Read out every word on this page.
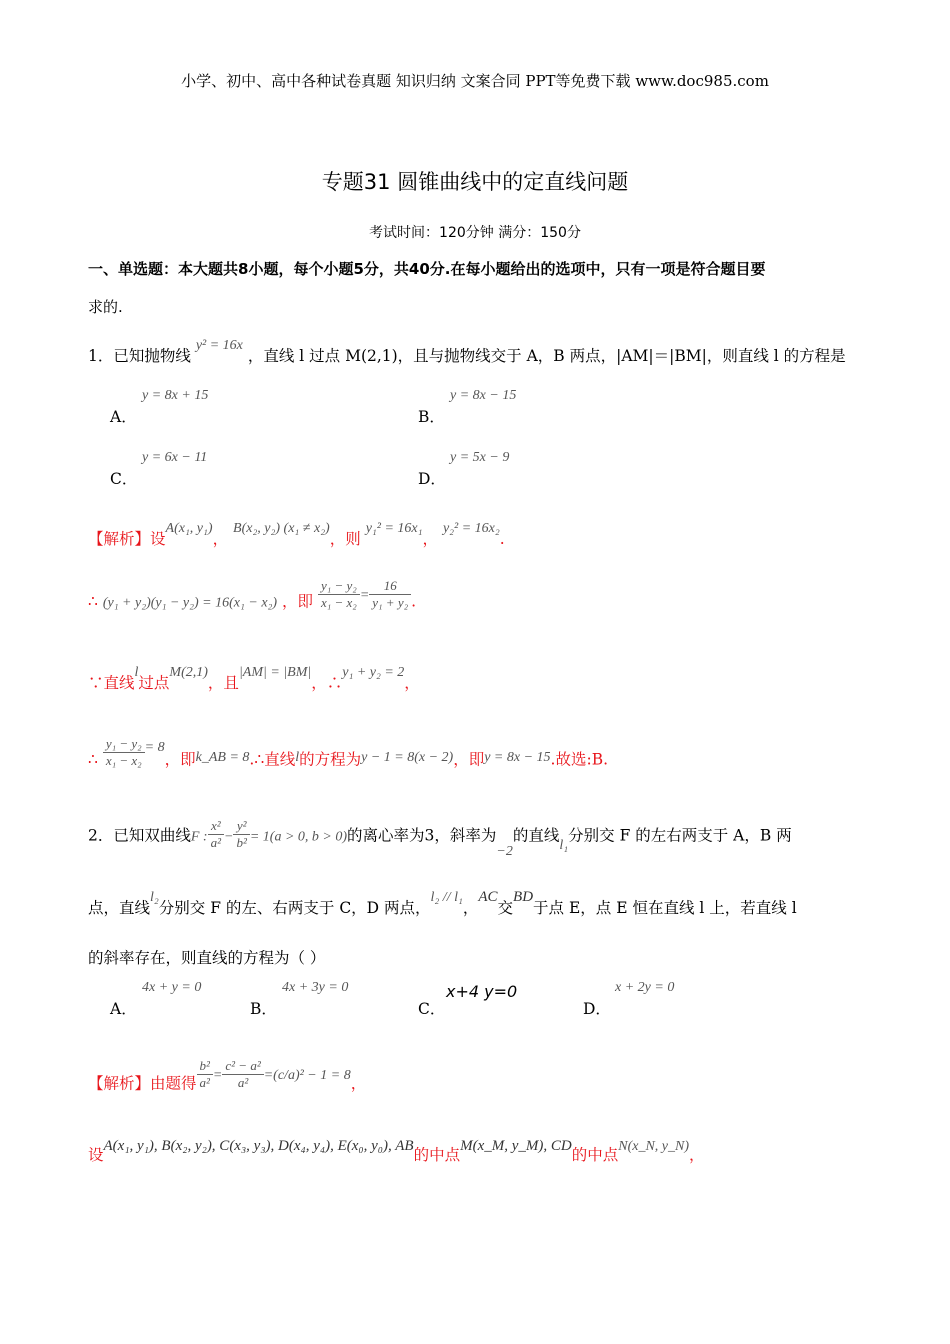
小学、初中、高中各种试卷真题 知识归纳 文案合同 PPT等免费下载 www.doc985.com
专题31 圆锥曲线中的定直线问题
考试时间：120分钟 满分：150分
一、单选题：本大题共8小题，每个小题5分，共40分.在每小题给出的选项中，只有一项是符合题目要
求的.
1．已知抛物线 y² = 16x ，直线 l 过点 M(2,1)，且与抛物线交于 A，B 两点，|AM|＝|BM|，则直线 l 的方程是
A．
y = 8x + 15
B．
y = 8x − 15
C．
y = 6x − 11
D．
y = 5x − 9
【解析】设A(x₁, y₁)， B(x₂, y₂) (x₁ ≠ x₂)，则 y₁² = 16x₁， y₂² = 16x₂.
∴ (y₁ + y₂)(y₁ − y₂) = 16(x₁ − x₂) ，即 $\frac{\text{y₁ − y₂}}{\text{x₁ − x₂}} = \frac{16}{\text{y₁ + y₂}}$ .
∵直线l过点M(2,1)，且|AM| = |BM|，∴y₁ + y₂ = 2，
∴ $\frac{\text{y₁ − y₂}}{\text{x₁ − x₂}} = 8$，即k_AB = 8.∴直线l的方程为y − 1 = 8(x − 2)，即y = 8x − 15.故选:B.
2．已知双曲线F : $\frac{\text{x²}}{\text{a²}} - \frac{\text{y²}}{\text{b²}} = 1(a > 0$, b > 0)的离心率为3，斜率为−2的直线l₁分别交 F 的左右两支于 A，B 两
点，直线l₂分别交 F 的左、右两支于 C，D 两点，l₂ // l₁，AC交BD于点 E，点 E 恒在直线 l 上，若直线 l
的斜率存在，则直线的方程为（ ）
A．
4x + y = 0
B．
4x + 3y = 0
C．
x+4 y=0
D．
x + 2y = 0
【解析】由题得 $\frac{\text{b²}}{\text{a²}} = \frac{\text{c² − a²}}{\text{a²}} =(c/a)^2 - 1 = 8$，
设A(x₁, y₁), B(x₂, y₂), C(x₃, y₃), D(x₄, y₄), E(x₀, y₀), AB的中点M(x_M, y_M), CD的中点N(x_N, y_N)，
